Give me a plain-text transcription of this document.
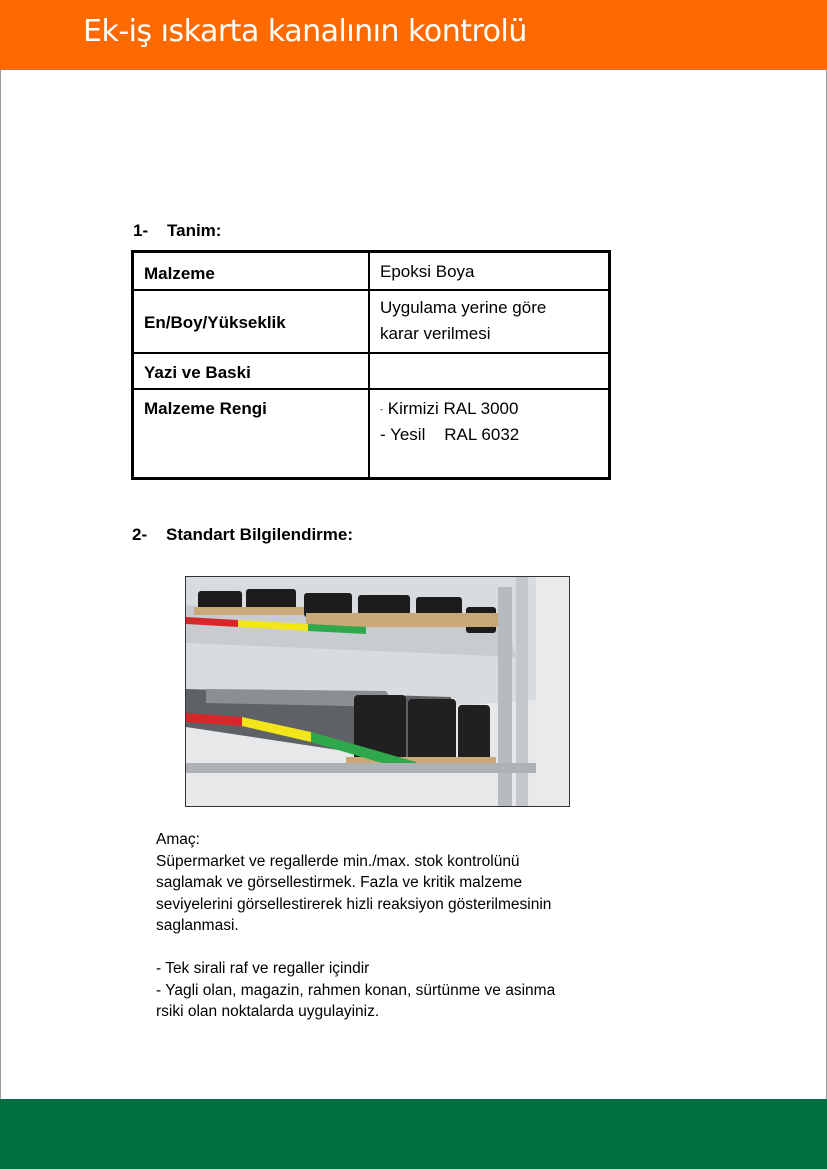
Ek-iş ıskarta kanalının kontrolü
1- Tanim:
Malzeme	Epoksi Boya
En/Boy/Yükseklik	Uygulama yerine göre
karar verilmesi

Yazi ve Baski	
Malzeme Rengi	- Kirmizi RAL 3000
- Yesil    RAL 6032
2- Standart Bilgilendirme:
Amaç:
Süpermarket ve regallerde min./max. stok kontrolünü saglamak ve görsellestirmek. Fazla ve kritik malzeme seviyelerini görsellestirerek hizli reaksiyon gösterilmesinin saglanmasi.

- Tek sirali raf ve regaller içindir
- Yagli olan, magazin, rahmen konan, sürtünme ve asinma rsiki olan noktalarda uygulayiniz.
